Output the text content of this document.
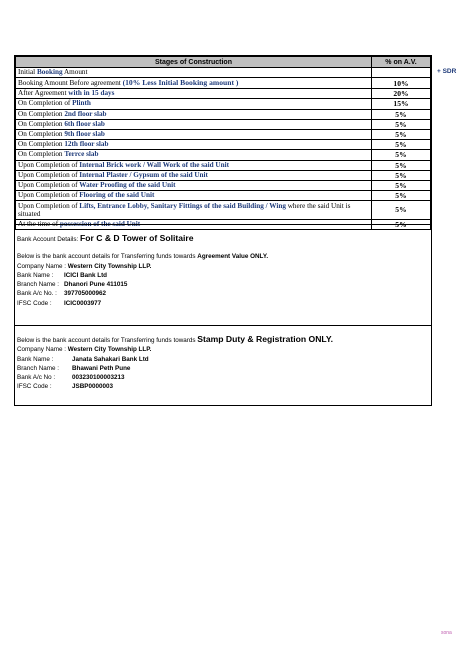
Stages of Construction	% on A.V.
Initial Booking Amount	
Booking Amount Before agreement (10% Less Initial Booking amount )	10%
After Agreement with in 15 days	20%
On Completion of Plinth	15%
On Completion 2nd floor slab	5%
On Completion 6th floor slab	5%
On Completion 9th floor slab	5%
On Completion 12th floor slab	5%
On Completion Terrce slab	5%
Upon Completion of Internal Brick work / Wall Work of the said Unit	5%
Upon Completion of Internal Plaster / Gypsum of the said Unit	5%
Upon Completion of Water Proofing of the said Unit	5%
Upon Completion of Flooring of the said Unit	5%
Upon Completion of Lifts, Entrance Lobby, Sanitary Fittings of the said Building / Wing where the said Unit is situated	5%
At the time of possession of the said Unit	5%
+ SDR
Bank Account Details: For C & D Tower of Solitaire
Below is the bank account details for Transferring funds towards Agreement Value ONLY.
Company Name : Western City Township LLP.
Bank Name : ICICI Bank Ltd
Branch Name : Dhanori Pune 411015
Bank A/c No. : 397705000962
IFSC Code : ICIC0003977
Below is the bank account details for Transferring funds towards Stamp Duty & Registration ONLY.
Company Name : Western City Township LLP.
Bank Name :	Janata Sahakari Bank Ltd
Branch Name : Bhawani Peth Pune
Bank A/c No :	003230100003213
IFSC Code :	JSBP0000003
sona
